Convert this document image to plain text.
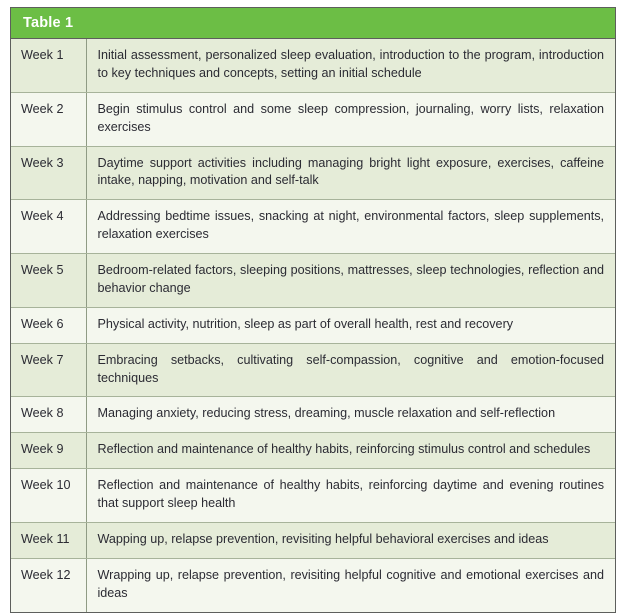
Table 1
Week 1	Initial assessment, personalized sleep evaluation, introduction to the program, introduction to key techniques and concepts, setting an initial schedule
Week 2	Begin stimulus control and some sleep compression, journaling, worry lists, relaxation exercises
Week 3	Daytime support activities including managing bright light exposure, exercises, caffeine intake, napping, motivation and self-talk
Week 4	Addressing bedtime issues, snacking at night, environmental factors, sleep supplements, relaxation exercises
Week 5	Bedroom-related factors, sleeping positions, mattresses, sleep technologies, reflection and behavior change
Week 6	Physical activity, nutrition, sleep as part of overall health, rest and recovery
Week 7	Embracing setbacks, cultivating self-compassion, cognitive and emotion-focused techniques
Week 8	Managing anxiety, reducing stress, dreaming, muscle relaxation and self-reflection
Week 9	Reflection and maintenance of healthy habits, reinforcing stimulus control and schedules
Week 10	Reflection and maintenance of healthy habits, reinforcing daytime and evening routines that support sleep health
Week 11	Wapping up, relapse prevention, revisiting helpful behavioral exercises and ideas
Week 12	Wrapping up, relapse prevention, revisiting helpful cognitive and emotional exercises and ideas
